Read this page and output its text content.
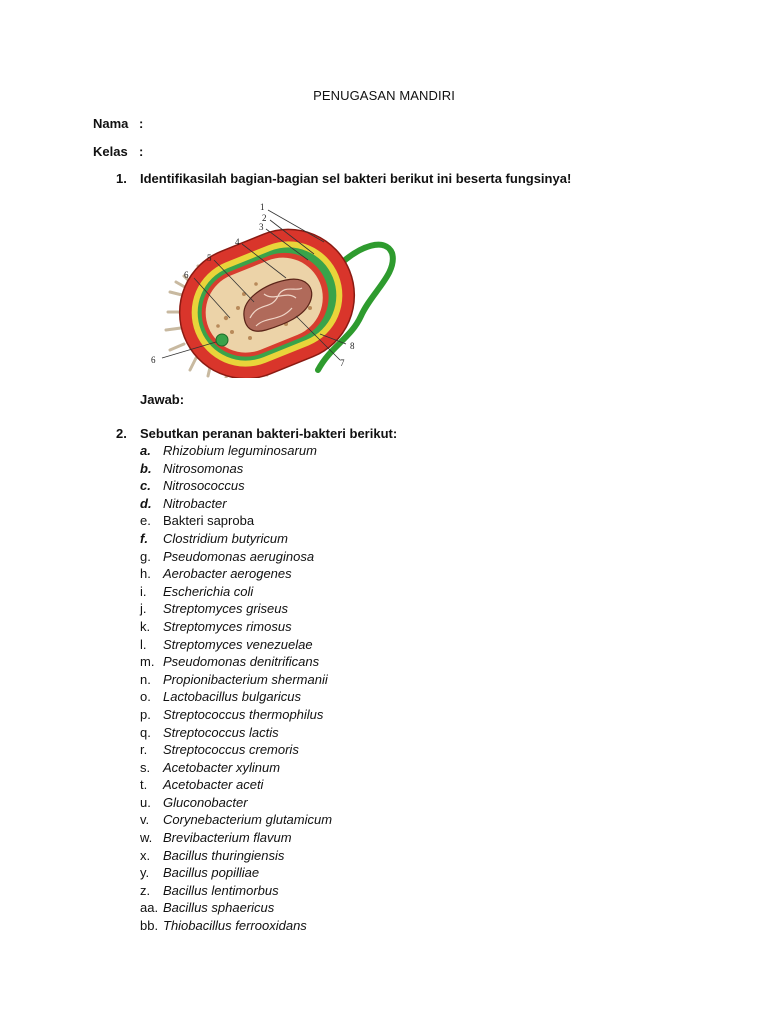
PENUGASAN MANDIRI
Nama :
Kelas :
1. Identifikasilah bagian-bagian sel bakteri berikut ini beserta fungsinya!
1
2
3
4
5
6
6	7
8
Jawab:
2. Sebutkan peranan bakteri-bakteri berikut:
a. Rhizobium leguminosarum
b. Nitrosomonas
c. Nitrosococcus
d. Nitrobacter
e. Bakteri saproba
f. Clostridium butyricum
g. Pseudomonas aeruginosa
h. Aerobacter aerogenes
i. Escherichia coli
j. Streptomyces griseus
k. Streptomyces rimosus
l. Streptomyces venezuelae
m. Pseudomonas denitrificans
n. Propionibacterium shermanii
o. Lactobacillus bulgaricus
p. Streptococcus thermophilus
q. Streptococcus lactis
r. Streptococcus cremoris
s. Acetobacter xylinum
t. Acetobacter aceti
u. Gluconobacter
v. Corynebacterium glutamicum
w. Brevibacterium flavum
x. Bacillus thuringiensis
y. Bacillus popilliae
z. Bacillus lentimorbus
aa. Bacillus sphaericus
bb. Thiobacillus ferrooxidans
